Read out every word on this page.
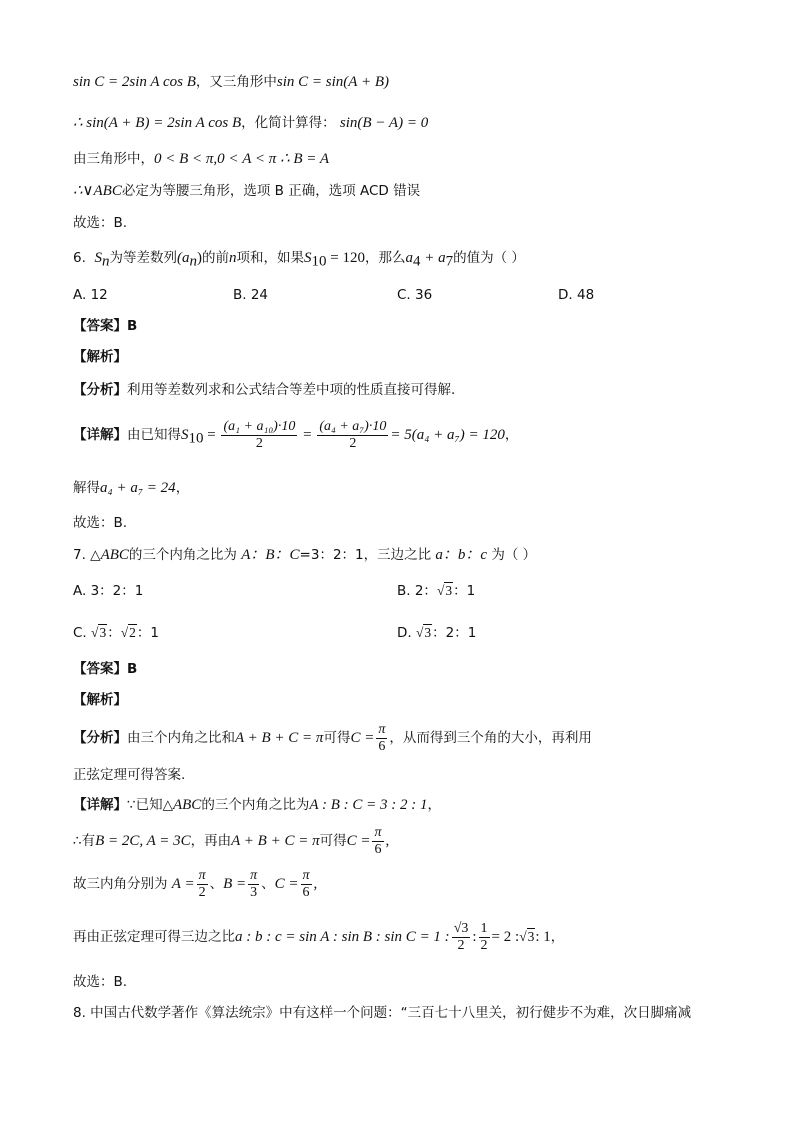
sin C = 2sin A cos B，又三角形中sin C = sin(A + B)
∴ sin(A + B) = 2sin A cos B，化简计算得： sin(B − A) = 0
由三角形中，0 < B < π,0 < A < π ∴ B = A
∴∨ABC必定为等腰三角形，选项 B 正确，选项 ACD 错误
故选：B.
6. $S_n$为等差数列$(a_n)$的前n项和，如果$S_{10} = 120$，那么$a_4 + a_7$的值为（ ）
A. 12	B. 24	C. 36	D. 48
【答案】B
【解析】
【分析】利用等差数列求和公式结合等差中项的性质直接可得解.
【详解】由已知得$S_{10} = \frac{\text{(a₁ + a₁₀)·10}}{2} = \frac{\text{(a₄ + a₇)·10}}{2} = 5(a_4 + a_7) = 120$，
解得a₄ + a₇ = 24，
故选：B.
7. △ABC的三个内角之比为 A：B：C=3：2：1，三边之比 a：b：c 为（ ）
A. 3：2：1	B. 2：√3：1
C. √3：√2：1	D. √3：2：1
【答案】B
【解析】
【分析】由三个内角之比和A + B + C = π可得$C = \frac{\pi}{6}$ ，从而得到三个角的大小，再利用
正弦定理可得答案.
【详解】∵已知△ABC的三个内角之比为A : B : C = 3 : 2 : 1，
∴有B = 2C, A = 3C，再由A + B + C = π可得$C = \frac{\pi}{6}$ ,
故三内角分别为 $A = \frac{\pi}{2}$ 、$B = \frac{\pi}{3}$ 、$C = \frac{\pi}{6}$ ,
再由正弦定理可得三边之比a : b : c = sin A : sin B : sin C = 1 : $\frac{√3}{2}$ : $\frac{1}{2} = 2$ :√3: 1，
故选：B.
8. 中国古代数学著作《算法统宗》中有这样一个问题：“三百七十八里关，初行健步不为难，次日脚痛减
